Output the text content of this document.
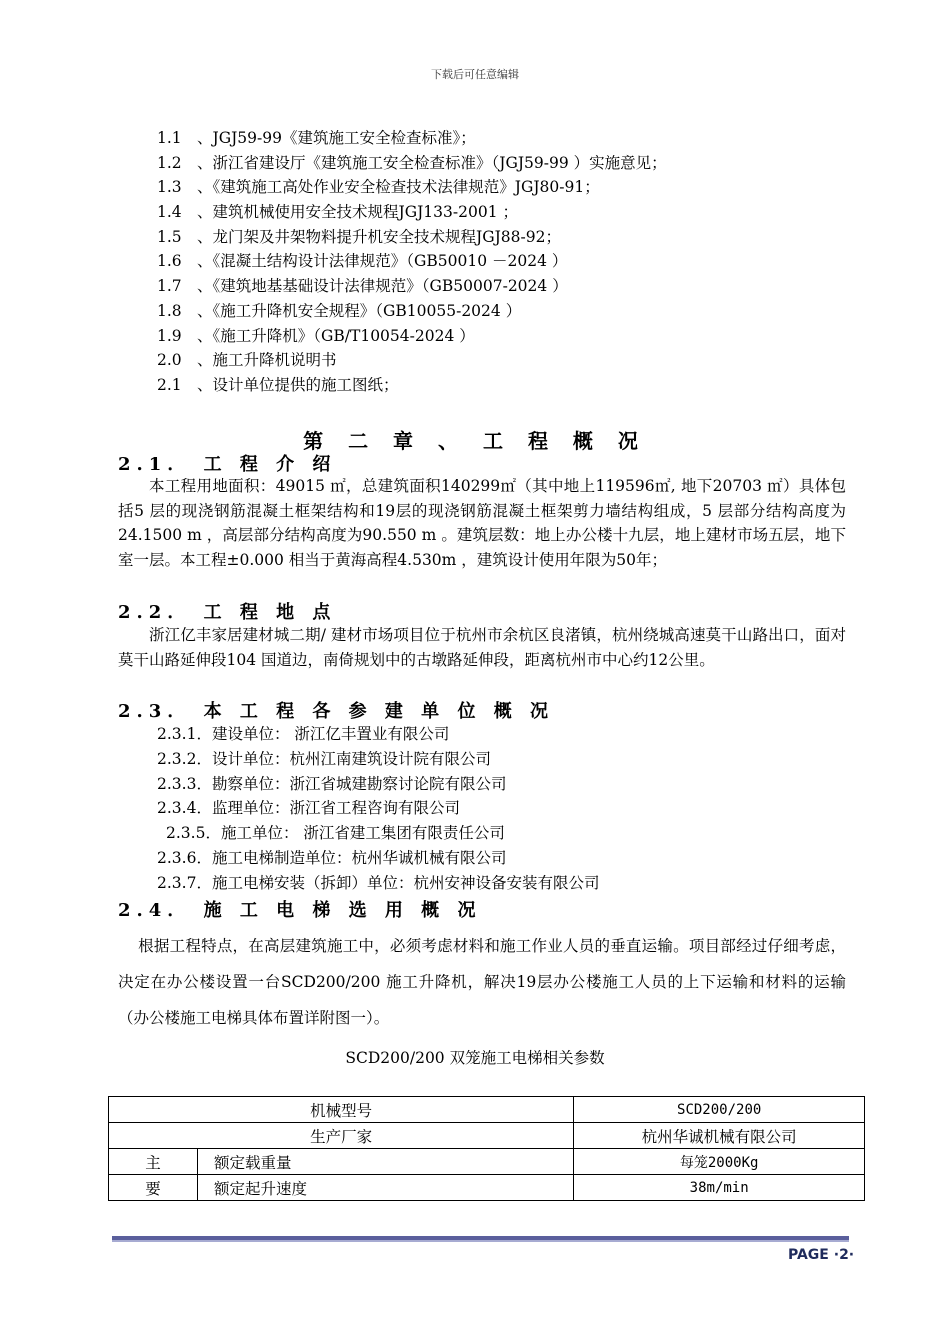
下载后可任意编辑
1.1 、JGJ59-99《建筑施工安全检查标准》；
1.2 、浙江省建设厅《建筑施工安全检查标准》（JGJ59-99 ）实施意见；
1.3 、《建筑施工高处作业安全检查技术法律规范》JGJ80-91；
1.4 、建筑机械使用安全技术规程JGJ133-2001 ；
1.5 、龙门架及井架物料提升机安全技术规程JGJ88-92；
1.6 、《混凝土结构设计法律规范》（GB50010 －2024 ）
1.7 、《建筑地基基础设计法律规范》（GB50007-2024 ）
1.8 、《施工升降机安全规程》（GB10055-2024 ）
1.9 、《施工升降机》（GB/T10054-2024 ）
2.0 、施工升降机说明书
2.1 、设计单位提供的施工图纸；
第 二 章 、 工 程 概 况
2.1． 工 程 介 绍
本工程用地面积：49015 ㎡，总建筑面积140299㎡（其中地上119596㎡, 地下20703 ㎡）具体包括5 层的现浇钢筋混凝土框架结构和19层的现浇钢筋混凝土框架剪力墙结构组成，5 层部分结构高度为24.1500 m ，高层部分结构高度为90.550 m 。建筑层数：地上办公楼十九层，地上建材市场五层，地下室一层。本工程±0.000 相当于黄海高程4.530m ，建筑设计使用年限为50年；
2.2． 工 程 地 点
浙江亿丰家居建材城二期/ 建材市场项目位于杭州市余杭区良渚镇，杭州绕城高速莫干山路出口，面对莫干山路延伸段104 国道边，南倚规划中的古墩路延伸段，距离杭州市中心约12公里。
2.3． 本 工 程 各 参 建 单 位 概 况
2.3.1．建设单位： 浙江亿丰置业有限公司
2.3.2．设计单位：杭州江南建筑设计院有限公司
2.3.3．勘察单位：浙江省城建勘察讨论院有限公司
2.3.4．监理单位：浙江省工程咨询有限公司
2.3.5．施工单位： 浙江省建工集团有限责任公司
2.3.6．施工电梯制造单位：杭州华诚机械有限公司
2.3.7．施工电梯安装（拆卸）单位：杭州安神设备安装有限公司
2.4． 施 工 电 梯 选 用 概 况
根据工程特点，在高层建筑施工中，必须考虑材料和施工作业人员的垂直运输。项目部经过仔细考虑，决定在办公楼设置一台SCD200/200 施工升降机，解决19层办公楼施工人员的上下运输和材料的运输（办公楼施工电梯具体布置详附图一）。
SCD200/200 双笼施工电梯相关参数
机械型号		SCD200/200
生产厂家		杭州华诚机械有限公司
主	额定载重量	每笼2000Kg
要	额定起升速度	38m/min
PAGE ·2·
